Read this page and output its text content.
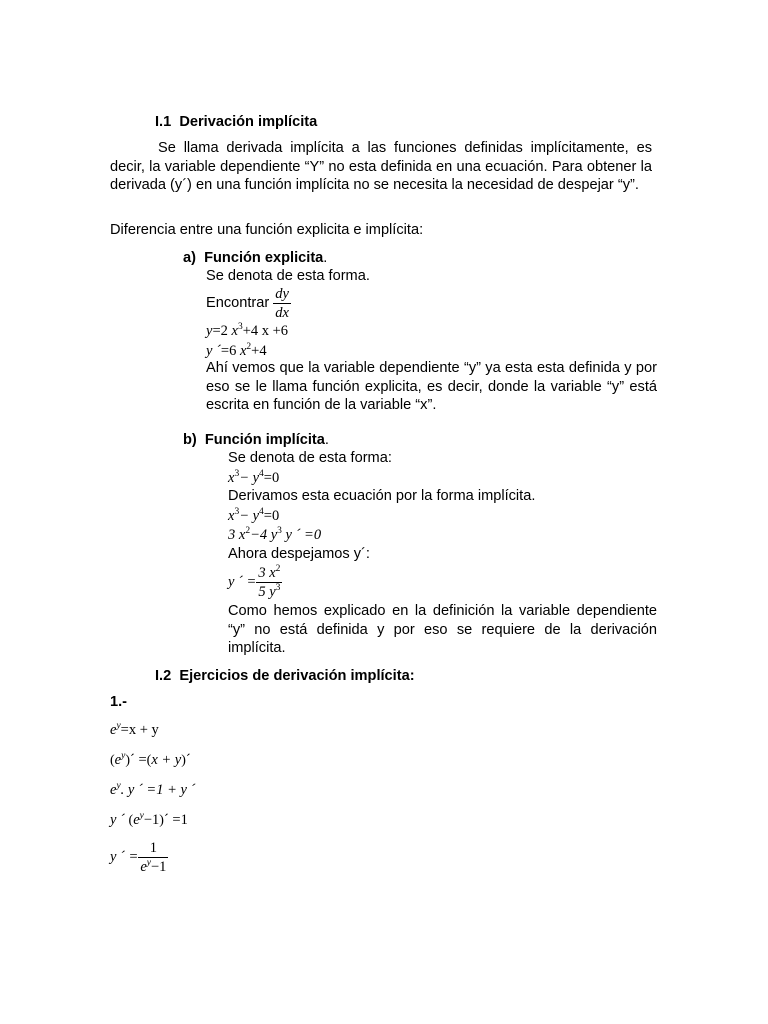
I.1 Derivación implícita
Se llama derivada implícita a las funciones definidas implícitamente, es decir, la variable dependiente “Y” no esta definida en una ecuación. Para obtener la derivada (y´) en una función implícita no se necesita la necesidad de despejar “y”.
Diferencia entre una función explicita e implícita:
a) Función explicita.
Se denota de esta forma.
Encontrar $\frac{dy}{dx}$
y=2 $x^3+4$ x +6
y ´=6 $x^2+4$
Ahí vemos que la variable dependiente “y” ya esta esta definida y por eso se le llama función explicita, es decir, donde la variable “y” está escrita en función de la variable “x”.
b) Función implícita.
Se denota de esta forma:
$x^3- y^4=0$
Derivamos esta ecuación por la forma implícita.
$x^3- y^4=0$
3 $x^2-4$ $y^3$ y ´ =0
Ahora despejamos y´:
y ´ = $\frac{3 x^2}{5 y^3}$
Como hemos explicado en la definición la variable dependiente “y” no está definida y por eso se requiere de la derivación implícita.
I.2 Ejercicios de derivación implícita:
1.-
$e^y=x + y$
$(e^y)´ =(x$ + y)´
$e^y$. y ´ =1 + y ´
y ´ $(e^y-1)´ =1$
y ´ = $\frac{1}{e^y-1}$
